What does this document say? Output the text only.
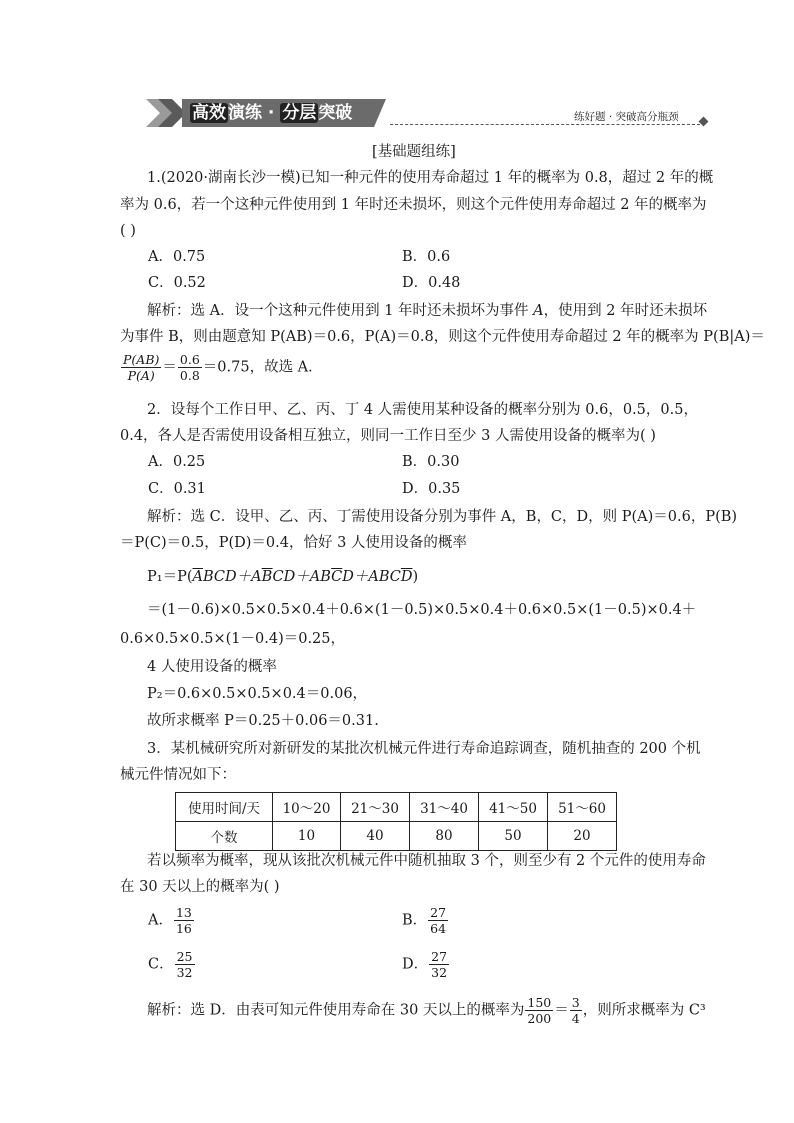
高效 演练 · 分层 突破	练好题 · 突破高分瓶颈
[基础题组练]
1.(2020·湖南长沙一模)已知一种元件的使用寿命超过 1 年的概率为 0.8，超过 2 年的概
率为 0.6，若一个这种元件使用到 1 年时还未损坏，则这个元件使用寿命超过 2 年的概率为
( )
A．0.75	B．0.6
C．0.52	D．0.48
解析：选 A．设一个这种元件使用到 1 年时还未损坏为事件 A，使用到 2 年时还未损坏
为事件 B，则由题意知 P(AB)＝0.6，P(A)＝0.8，则这个元件使用寿命超过 2 年的概率为 P(B|A)＝
$\frac{P(AB)}{P(A)} = \frac{0.6}{0.8} =0.75$，故选 A．
2．设每个工作日甲、乙、丙、丁 4 人需使用某种设备的概率分别为 0.6，0.5，0.5，
0.4，各人是否需使用设备相互独立，则同一工作日至少 3 人需使用设备的概率为( )
A．0.25	B．0.30
C．0.31	D．0.35
解析：选 C．设甲、乙、丙、丁需使用设备分别为事件 A，B，C，D，则 P(A)＝0.6，P(B)
＝P(C)＝0.5，P(D)＝0.4，恰好 3 人使用设备的概率
$P_1=P(\overline{A}BCD+A\overline{B}CD+AB\overline{C}D+ABC\overline{D})$
＝(1－0.6)×0.5×0.5×0.4＋0.6×(1－0.5)×0.5×0.4＋0.6×0.5×(1－0.5)×0.4＋
0.6×0.5×0.5×(1－0.4)＝0.25，
4 人使用设备的概率
P₂＝0.6×0.5×0.5×0.4＝0.06，
故所求概率 P＝0.25＋0.06＝0.31.
3．某机械研究所对新研发的某批次机械元件进行寿命追踪调查，随机抽查的 200 个机
械元件情况如下：
使用时间/天	10～20	21～30	31～40	41～50	51～60
个数	10	40	80	50	20
若以频率为概率，现从该批次机械元件中随机抽取 3 个，则至少有 2 个元件的使用寿命
在 30 天以上的概率为( )
A． $\frac{13}{16}$	B． $\frac{27}{64}$
C． $\frac{25}{32}$	D． $\frac{27}{32}$
解析：选 D．由表可知元件使用寿命在 30 天以上的概率为 $\frac{150}{200} = \frac{3}{4}$ ，则所求概率为 C³
